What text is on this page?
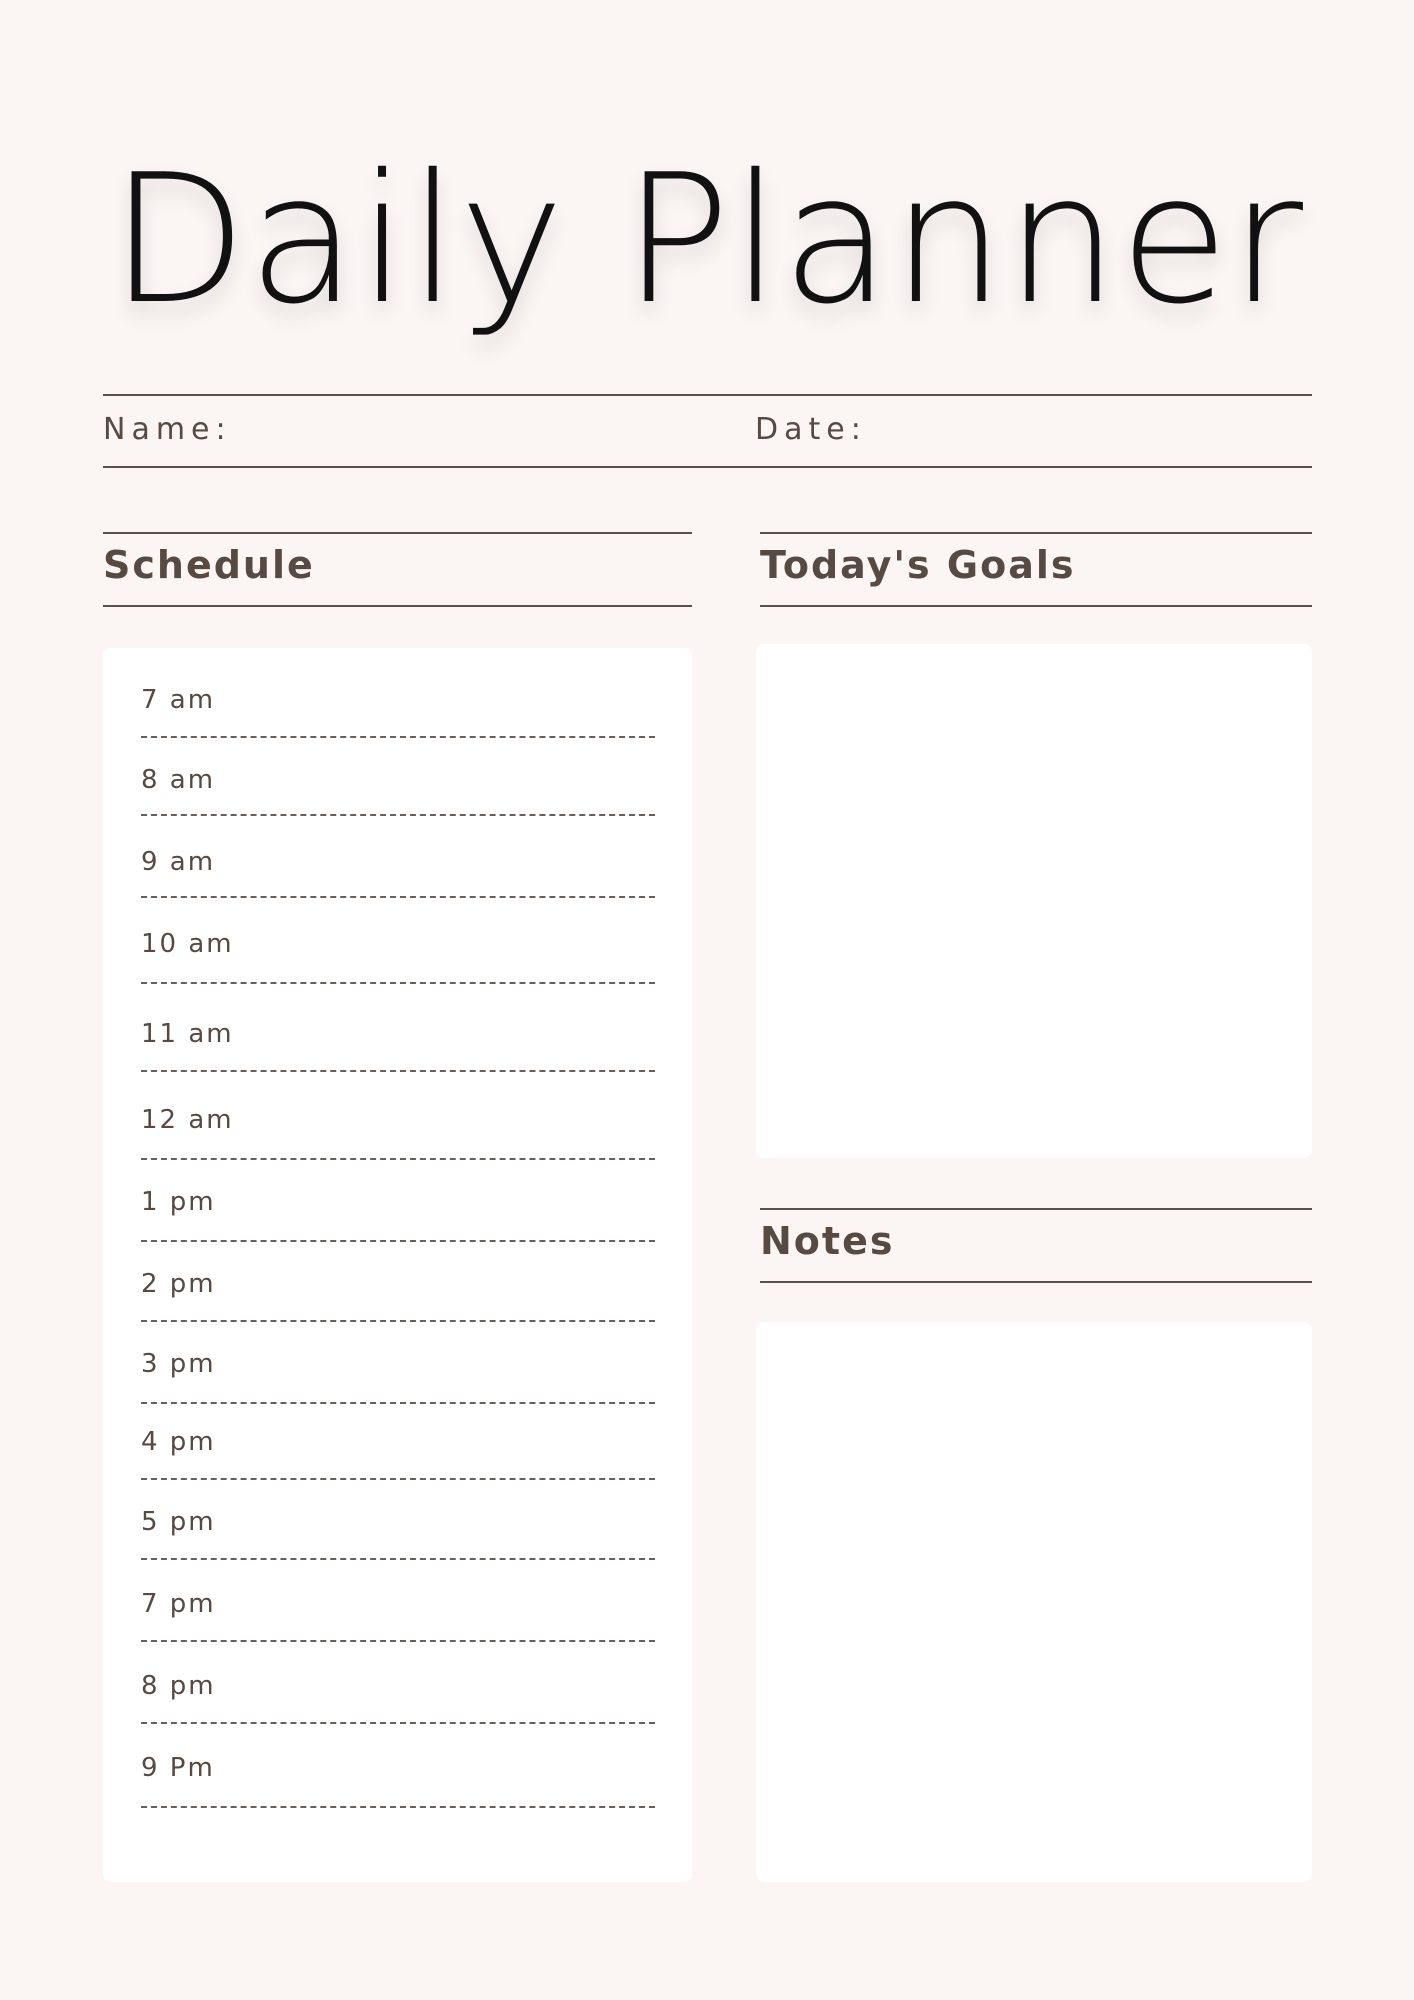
Daily Planner
Name:	Date:
Schedule	Today's Goals
7 am
8 am
9 am
10 am
11 am
12 am
1 pm
2 pm
3 pm
4 pm
5 pm
7 pm
8 pm
9 Pm
Notes
